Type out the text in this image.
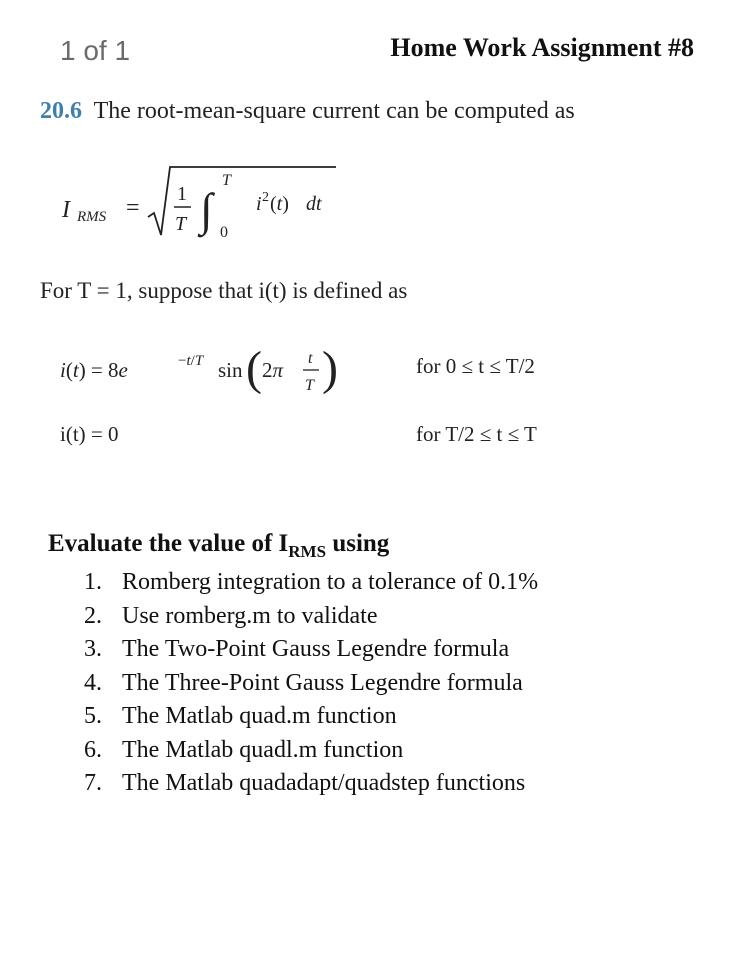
1 of 1	Home Work Assignment #8
20.6 The root-mean-square current can be computed as
I RMS =
1
T ∫
T
0
i 2 (t) dt
For T = 1, suppose that i(t) is defined as
i(t) = 8e	−t/T sin ( 2π t
T )	for 0 ≤ t ≤ T/2
i(t) = 0	for T/2 ≤ t ≤ T
Evaluate the value of $I_{RMS}$ using
1. Romberg integration to a tolerance of 0.1%
2. Use romberg.m to validate
3. The Two-Point Gauss Legendre formula
4. The Three-Point Gauss Legendre formula
5. The Matlab quad.m function
6. The Matlab quadl.m function
7. The Matlab quadadapt/quadstep functions
